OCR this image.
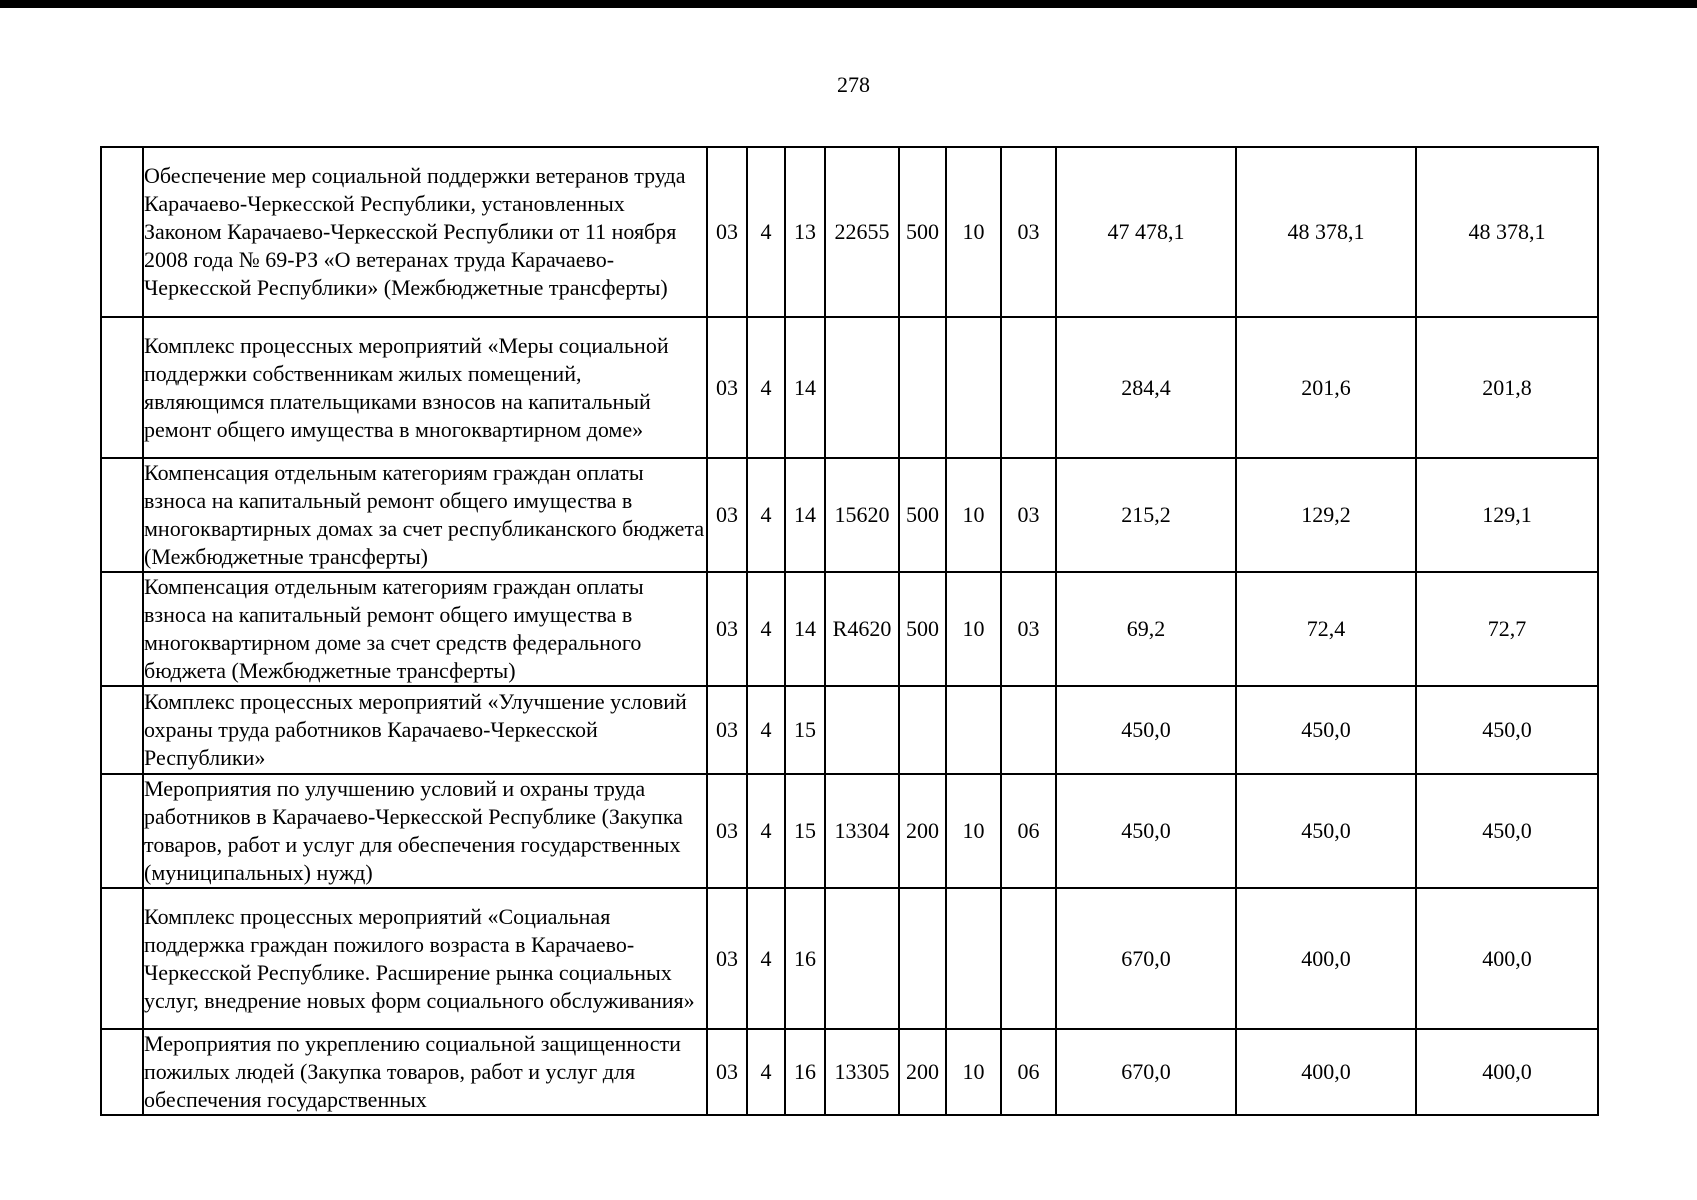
278
	Обеспечение мер социальной поддержки ветеранов труда Карачаево-Черкесской Республики, установленных Законом Карачаево-Черкесской Республики от 11 ноября 2008 года № 69-РЗ «О ветеранах труда Карачаево-Черкесской Республики» (Межбюджетные трансферты)	03	4	13	22655	500	10	03	47 478,1	48 378,1	48 378,1
	Комплекс процессных мероприятий «Меры социальной поддержки собственникам жилых помещений, являющимся плательщиками взносов на капитальный ремонт общего имущества в многоквартирном доме»	03	4	14					284,4	201,6	201,8
	Компенсация отдельным категориям граждан оплаты взноса на капитальный ремонт общего имущества в многоквартирных домах за счет республиканского бюджета (Межбюджетные трансферты)	03	4	14	15620	500	10	03	215,2	129,2	129,1
	Компенсация отдельным категориям граждан оплаты взноса на капитальный ремонт общего имущества в многоквартирном доме за счет средств федерального бюджета (Межбюджетные трансферты)	03	4	14	R4620	500	10	03	69,2	72,4	72,7
	Комплекс процессных мероприятий «Улучшение условий охраны труда работников Карачаево-Черкесской Республики»	03	4	15					450,0	450,0	450,0
	Мероприятия по улучшению условий и охраны труда работников в Карачаево-Черкесской Республике (Закупка товаров, работ и услуг для обеспечения государственных (муниципальных) нужд)	03	4	15	13304	200	10	06	450,0	450,0	450,0
	Комплекс процессных мероприятий «Социальная поддержка граждан пожилого возраста в Карачаево-Черкесской Республике. Расширение рынка социальных услуг, внедрение новых форм социального обслуживания»	03	4	16					670,0	400,0	400,0
	Мероприятия по укреплению социальной защищенности пожилых людей (Закупка товаров, работ и услуг для обеспечения государственных	03	4	16	13305	200	10	06	670,0	400,0	400,0
